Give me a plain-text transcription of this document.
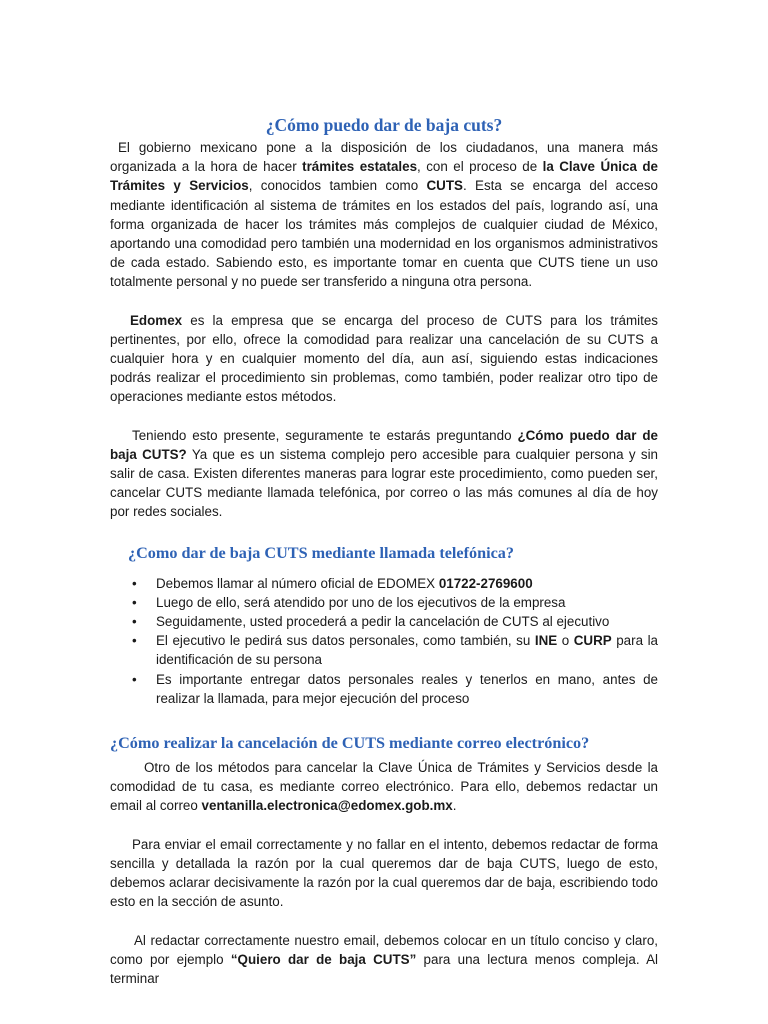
¿Cómo puedo dar de baja cuts?

El gobierno mexicano pone a la disposición de los ciudadanos, una manera más organizada a la hora de hacer trámites estatales, con el proceso de la Clave Única de Trámites y Servicios, conocidos tambien como CUTS. Esta se encarga del acceso mediante identificación al sistema de trámites en los estados del país, logrando así, una forma organizada de hacer los trámites más complejos de cualquier ciudad de México, aportando una comodidad pero también una modernidad en los organismos administrativos de cada estado. Sabiendo esto, es importante tomar en cuenta que CUTS tiene un uso totalmente personal y no puede ser transferido a ninguna otra persona.

Edomex es la empresa que se encarga del proceso de CUTS para los trámites pertinentes, por ello, ofrece la comodidad para realizar una cancelación de su CUTS a cualquier hora y en cualquier momento del día, aun así, siguiendo estas indicaciones podrás realizar el procedimiento sin problemas, como también, poder realizar otro tipo de operaciones mediante estos métodos.

Teniendo esto presente, seguramente te estarás preguntando ¿Cómo puedo dar de baja CUTS? Ya que es un sistema complejo pero accesible para cualquier persona y sin salir de casa. Existen diferentes maneras para lograr este procedimiento, como pueden ser, cancelar CUTS mediante llamada telefónica, por correo o las más comunes al día de hoy por redes sociales.

¿Como dar de baja CUTS mediante llamada telefónica?
• Debemos llamar al número oficial de EDOMEX 01722-2769600
• Luego de ello, será atendido por uno de los ejecutivos de la empresa
• Seguidamente, usted procederá a pedir la cancelación de CUTS al ejecutivo
• El ejecutivo le pedirá sus datos personales, como también, su INE o CURP para la identificación de su persona
• Es importante entregar datos personales reales y tenerlos en mano, antes de realizar la llamada, para mejor ejecución del proceso
¿Cómo realizar la cancelación de CUTS mediante correo electrónico?

Otro de los métodos para cancelar la Clave Única de Trámites y Servicios desde la comodidad de tu casa, es mediante correo electrónico. Para ello, debemos redactar un email al correo ventanilla.electronica@edomex.gob.mx.

Para enviar el email correctamente y no fallar en el intento, debemos redactar de forma sencilla y detallada la razón por la cual queremos dar de baja CUTS, luego de esto, debemos aclarar decisivamente la razón por la cual queremos dar de baja, escribiendo todo esto en la sección de asunto.

Al redactar correctamente nuestro email, debemos colocar en un título conciso y claro, como por ejemplo “Quiero dar de baja CUTS” para una lectura menos compleja. Al terminar
